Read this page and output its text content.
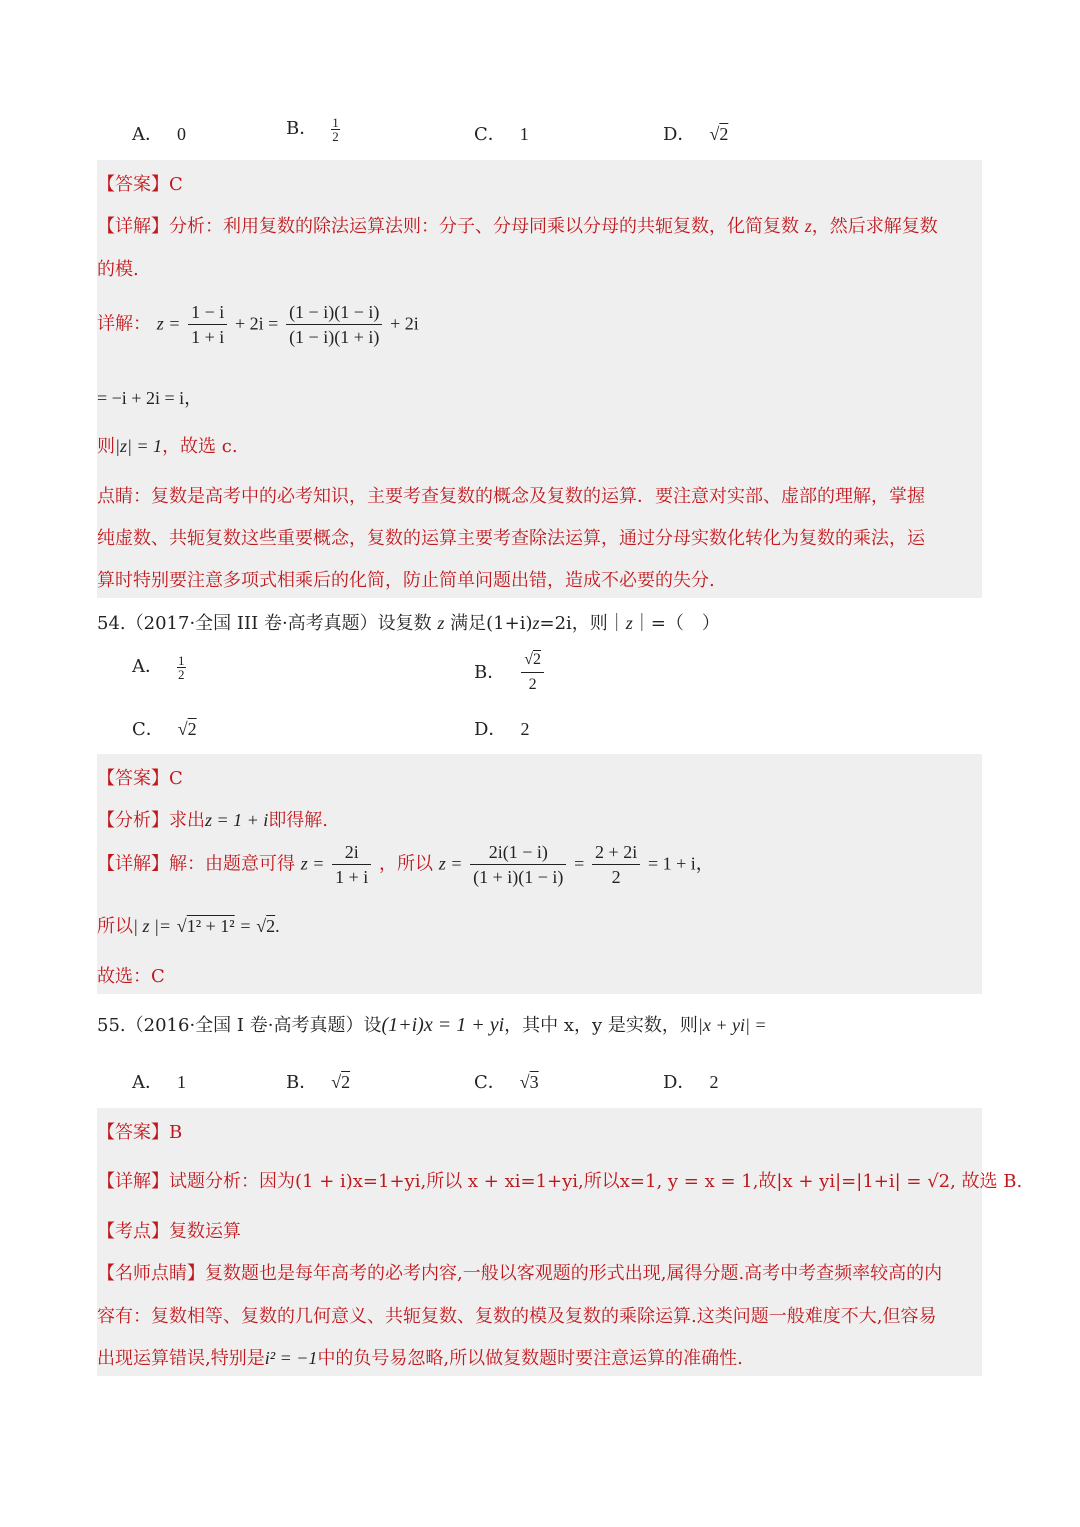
A． 0	B． $\frac{1}{2}$	C． 1	D． √2
【答案】C
【详解】分析：利用复数的除法运算法则：分子、分母同乘以分母的共轭复数，化简复数 z，然后求解复数
的模.
详解： $z = \frac{1 - i}{1 + i} + 2i = \frac{(1 - i)(1 - i)}{(1 - i)(1 + i)} + 2i$
= −i + 2i = i，
则|z| = 1，故选 c.
点睛：复数是高考中的必考知识，主要考查复数的概念及复数的运算．要注意对实部、虚部的理解，掌握
纯虚数、共轭复数这些重要概念，复数的运算主要考查除法运算，通过分母实数化转化为复数的乘法，运
算时特别要注意多项式相乘后的化简，防止简单问题出错，造成不必要的失分.
54.（2017·全国 III 卷·高考真题）设复数 z 满足(1+i)z=2i，则｜z｜=（　）
A． $\frac{1}{2}$	B． $\frac{√2}{2}$
C． √2	D． 2
【答案】C
【分析】求出z = 1 + i即得解.
【详解】解：由题意可得 $z = \frac{2i}{1 + i}$ ，所以 $z = \frac{2i(1 - i)}{(1 + i)(1 - i)} = \frac{2 + 2i}{2} = 1 + i$，
所以| z |= √1² + 1² = √2.
故选：C
55.（2016·全国 I 卷·高考真题）设(1+i)x = 1 + yi，其中 x，y 是实数，则|x + yi| =
A． 1	B． √2	C． √3	D． 2
【答案】B
【详解】试题分析：因为(1 + i)x=1+yi,所以 x + xi=1+yi,所以x=1, y = x = 1,故|x + yi|=|1+i| = √2, 故选 B.
【考点】复数运算
【名师点睛】复数题也是每年高考的必考内容,一般以客观题的形式出现,属得分题.高考中考查频率较高的内
容有：复数相等、复数的几何意义、共轭复数、复数的模及复数的乘除运算.这类问题一般难度不大,但容易
出现运算错误,特别是i² = −1中的负号易忽略,所以做复数题时要注意运算的准确性.
